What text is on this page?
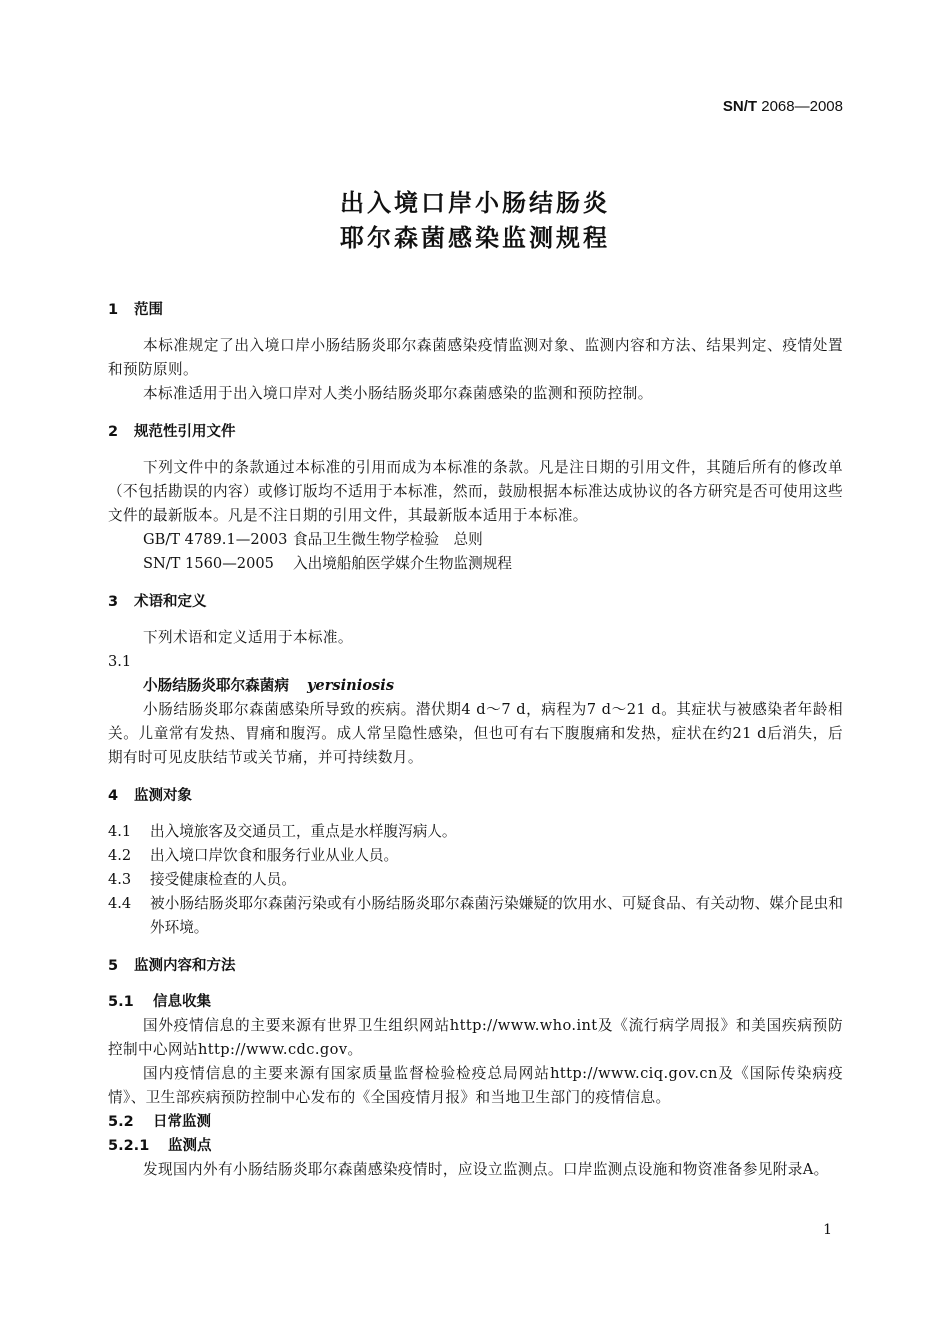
SN/T 2068—2008
出入境口岸小肠结肠炎
耶尔森菌感染监测规程
1	范围

本标准规定了出入境口岸小肠结肠炎耶尔森菌感染疫情监测对象、监测内容和方法、结果判定、疫情处置和预防原则。

本标准适用于出入境口岸对人类小肠结肠炎耶尔森菌感染的监测和预防控制。

2	规范性引用文件

下列文件中的条款通过本标准的引用而成为本标准的条款。凡是注日期的引用文件，其随后所有的修改单（不包括勘误的内容）或修订版均不适用于本标准，然而，鼓励根据本标准达成协议的各方研究是否可使用这些文件的最新版本。凡是不注日期的引用文件，其最新版本适用于本标准。

GB/T 4789.1—2003 食品卫生微生物学检验　总则
SN/T 1560—2005	入出境船舶医学媒介生物监测规程
3	术语和定义

下列术语和定义适用于本标准。

3.1
小肠结肠炎耶尔森菌病 yersiniosis

小肠结肠炎耶尔森菌感染所导致的疾病。潜伏期4 d～7 d，病程为7 d～21 d。其症状与被感染者年龄相关。儿童常有发热、胃痛和腹泻。成人常呈隐性感染，但也可有右下腹腹痛和发热，症状在约21 d后消失，后期有时可见皮肤结节或关节痛，并可持续数月。

4	监测对象
4.1	出入境旅客及交通员工，重点是水样腹泻病人。
4.2	出入境口岸饮食和服务行业从业人员。
4.3	接受健康检查的人员。
4.4	被小肠结肠炎耶尔森菌污染或有小肠结肠炎耶尔森菌污染嫌疑的饮用水、可疑食品、有关动物、媒介昆虫和外环境。
5	监测内容和方法
5.1	信息收集

国外疫情信息的主要来源有世界卫生组织网站http://www.who.int及《流行病学周报》和美国疾病预防控制中心网站http://www.cdc.gov。

国内疫情信息的主要来源有国家质量监督检验检疫总局网站http://www.ciq.gov.cn及《国际传染病疫情》、卫生部疾病预防控制中心发布的《全国疫情月报》和当地卫生部门的疫情信息。

5.2	日常监测
5.2.1	监测点

发现国内外有小肠结肠炎耶尔森菌感染疫情时，应设立监测点。口岸监测点设施和物资准备参见附录A。

1
